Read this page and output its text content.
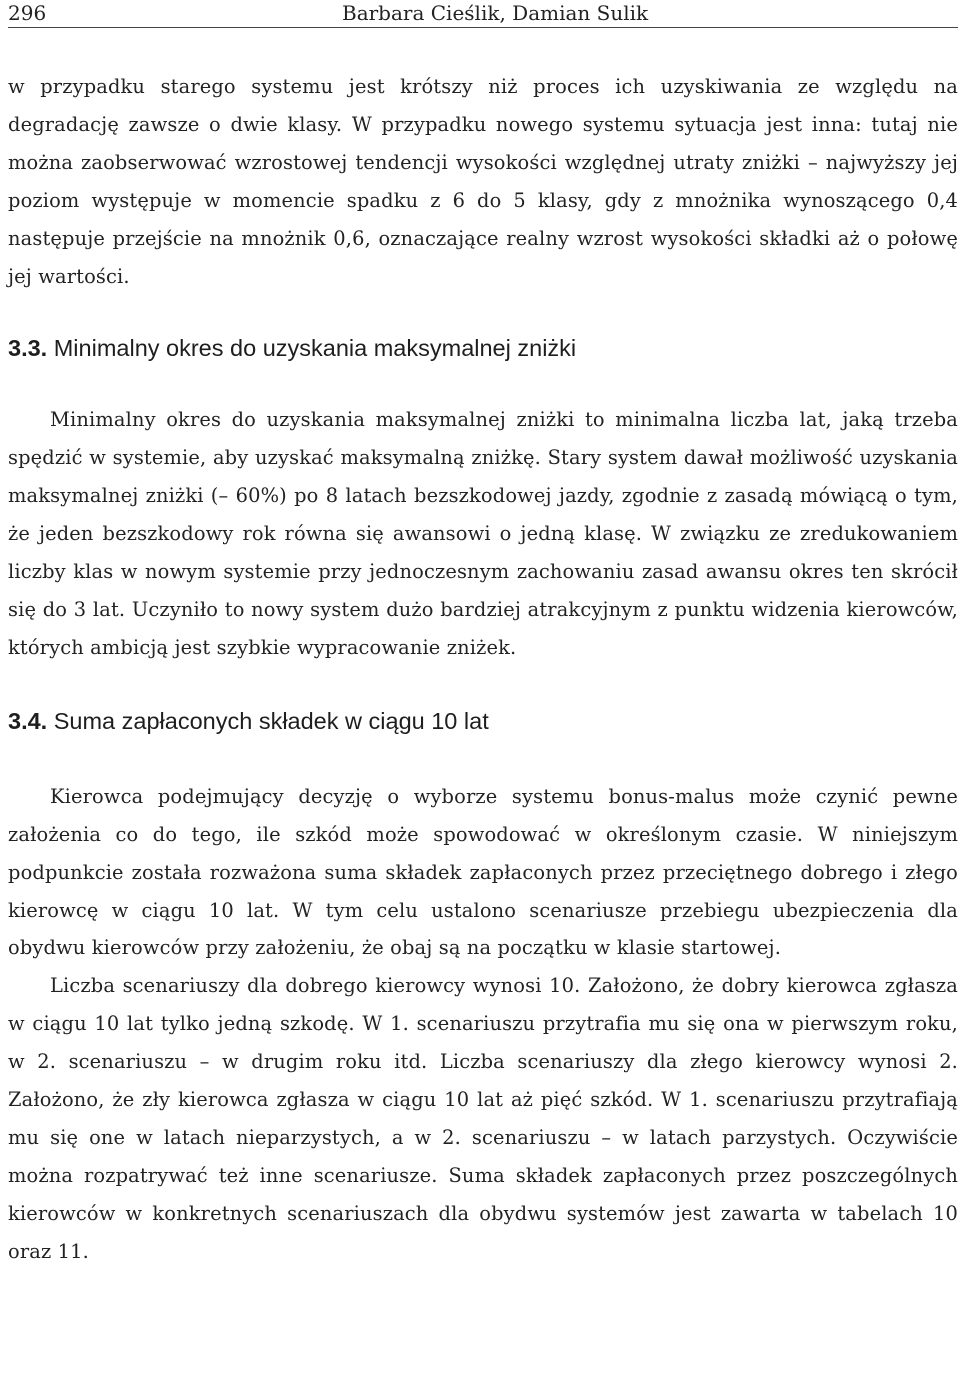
296	Barbara Cieślik, Damian Sulik

w przypadku starego systemu jest krótszy niż proces ich uzyskiwania ze względu na degradację zawsze o dwie klasy. W przypadku nowego systemu sytuacja jest inna: tutaj nie można zaobserwować wzrostowej tendencji wysokości względnej utraty zniżki – najwyższy jej poziom występuje w momencie spadku z 6 do 5 klasy, gdy z mnożnika wynoszącego 0,4 następuje przejście na mnożnik 0,6, oznaczające realny wzrost wysokości składki aż o połowę jej wartości.

3.3. Minimalny okres do uzyskania maksymalnej zniżki

Minimalny okres do uzyskania maksymalnej zniżki to minimalna liczba lat, jaką trzeba spędzić w systemie, aby uzyskać maksymalną zniżkę. Stary system dawał możliwość uzyskania maksymalnej zniżki (– 60%) po 8 latach bezszkodowej jazdy, zgodnie z zasadą mówiącą o tym, że jeden bezszkodowy rok równa się awansowi o jedną klasę. W związku ze zredukowaniem liczby klas w nowym systemie przy jednoczesnym zachowaniu zasad awansu okres ten skrócił się do 3 lat. Uczyniło to nowy system dużo bardziej atrakcyjnym z punktu widzenia kierowców, których ambicją jest szybkie wypracowanie zniżek.

3.4. Suma zapłaconych składek w ciągu 10 lat

Kierowca podejmujący decyzję o wyborze systemu bonus-malus może czynić pewne założenia co do tego, ile szkód może spowodować w określonym czasie. W niniejszym podpunkcie została rozważona suma składek zapłaconych przez przeciętnego dobrego i złego kierowcę w ciągu 10 lat. W tym celu ustalono scenariusze przebiegu ubezpieczenia dla obydwu kierowców przy założeniu, że obaj są na początku w klasie startowej.

Liczba scenariuszy dla dobrego kierowcy wynosi 10. Założono, że dobry kierowca zgłasza w ciągu 10 lat tylko jedną szkodę. W 1. scenariuszu przytrafia mu się ona w pierwszym roku, w 2. scenariuszu – w drugim roku itd. Liczba scenariuszy dla złego kierowcy wynosi 2. Założono, że zły kierowca zgłasza w ciągu 10 lat aż pięć szkód. W 1. scenariuszu przytrafiają mu się one w latach nieparzystych, a w 2. scenariuszu – w latach parzystych. Oczywiście można rozpatrywać też inne scenariusze. Suma składek zapłaconych przez poszczególnych kierowców w konkretnych scenariuszach dla obydwu systemów jest zawarta w tabelach 10 oraz 11.
